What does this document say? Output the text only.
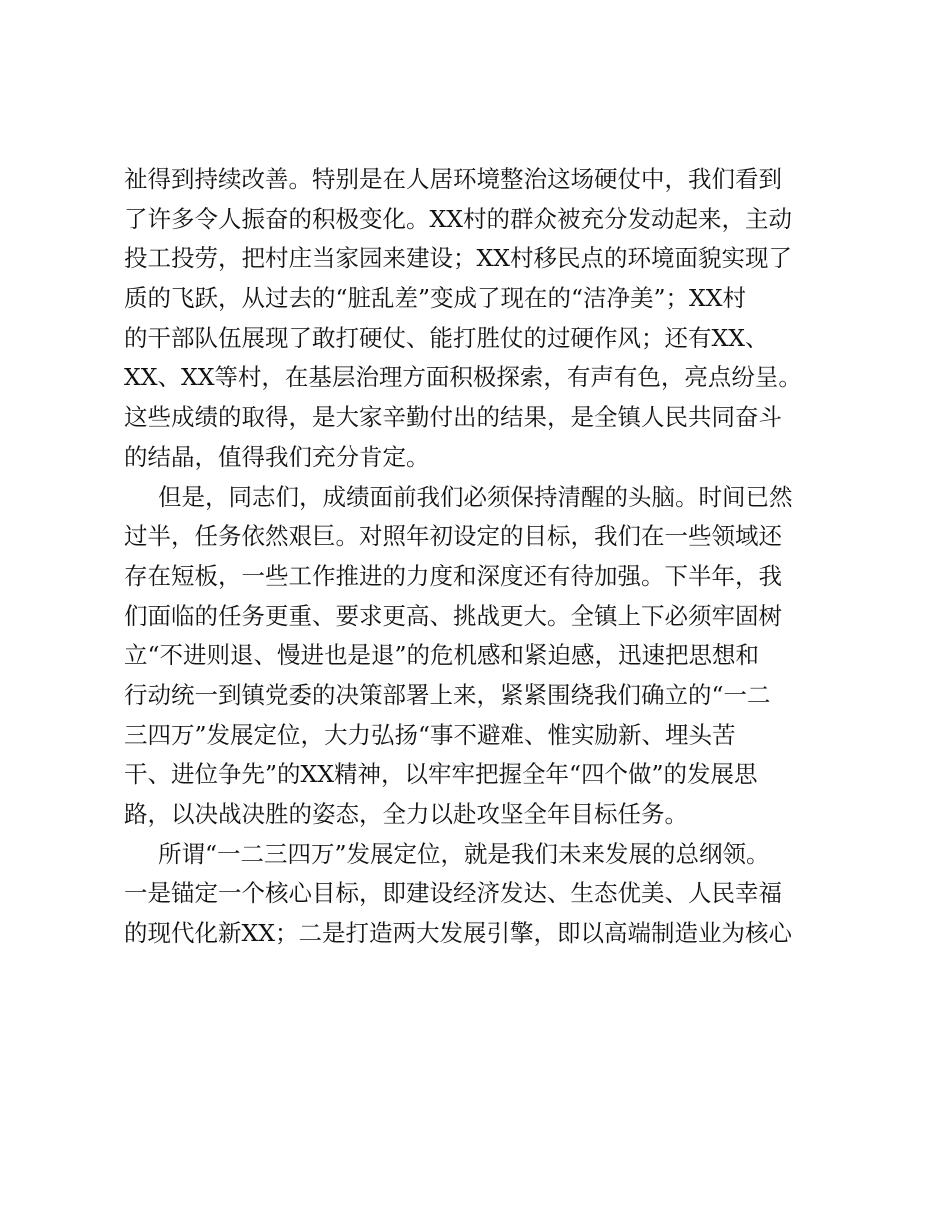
祉得到持续改善。特别是在人居环境整治这场硬仗中，我们看到
了许多令人振奋的积极变化。XX村的群众被充分发动起来，主动
投工投劳，把村庄当家园来建设；XX村移民点的环境面貌实现了
质的飞跃，从过去的“脏乱差”变成了现在的“洁净美”；XX村
的干部队伍展现了敢打硬仗、能打胜仗的过硬作风；还有XX、
XX、XX等村，在基层治理方面积极探索，有声有色，亮点纷呈。
这些成绩的取得，是大家辛勤付出的结果，是全镇人民共同奋斗
的结晶，值得我们充分肯定。
但是，同志们，成绩面前我们必须保持清醒的头脑。时间已然
过半，任务依然艰巨。对照年初设定的目标，我们在一些领域还
存在短板，一些工作推进的力度和深度还有待加强。下半年，我
们面临的任务更重、要求更高、挑战更大。全镇上下必须牢固树
立“不进则退、慢进也是退”的危机感和紧迫感，迅速把思想和
行动统一到镇党委的决策部署上来，紧紧围绕我们确立的“一二
三四万”发展定位，大力弘扬“事不避难、惟实励新、埋头苦
干、进位争先”的XX精神，以牢牢把握全年“四个做”的发展思
路，以决战决胜的姿态，全力以赴攻坚全年目标任务。
所谓“一二三四万”发展定位，就是我们未来发展的总纲领。
一是锚定一个核心目标，即建设经济发达、生态优美、人民幸福
的现代化新XX；二是打造两大发展引擎，即以高端制造业为核心
